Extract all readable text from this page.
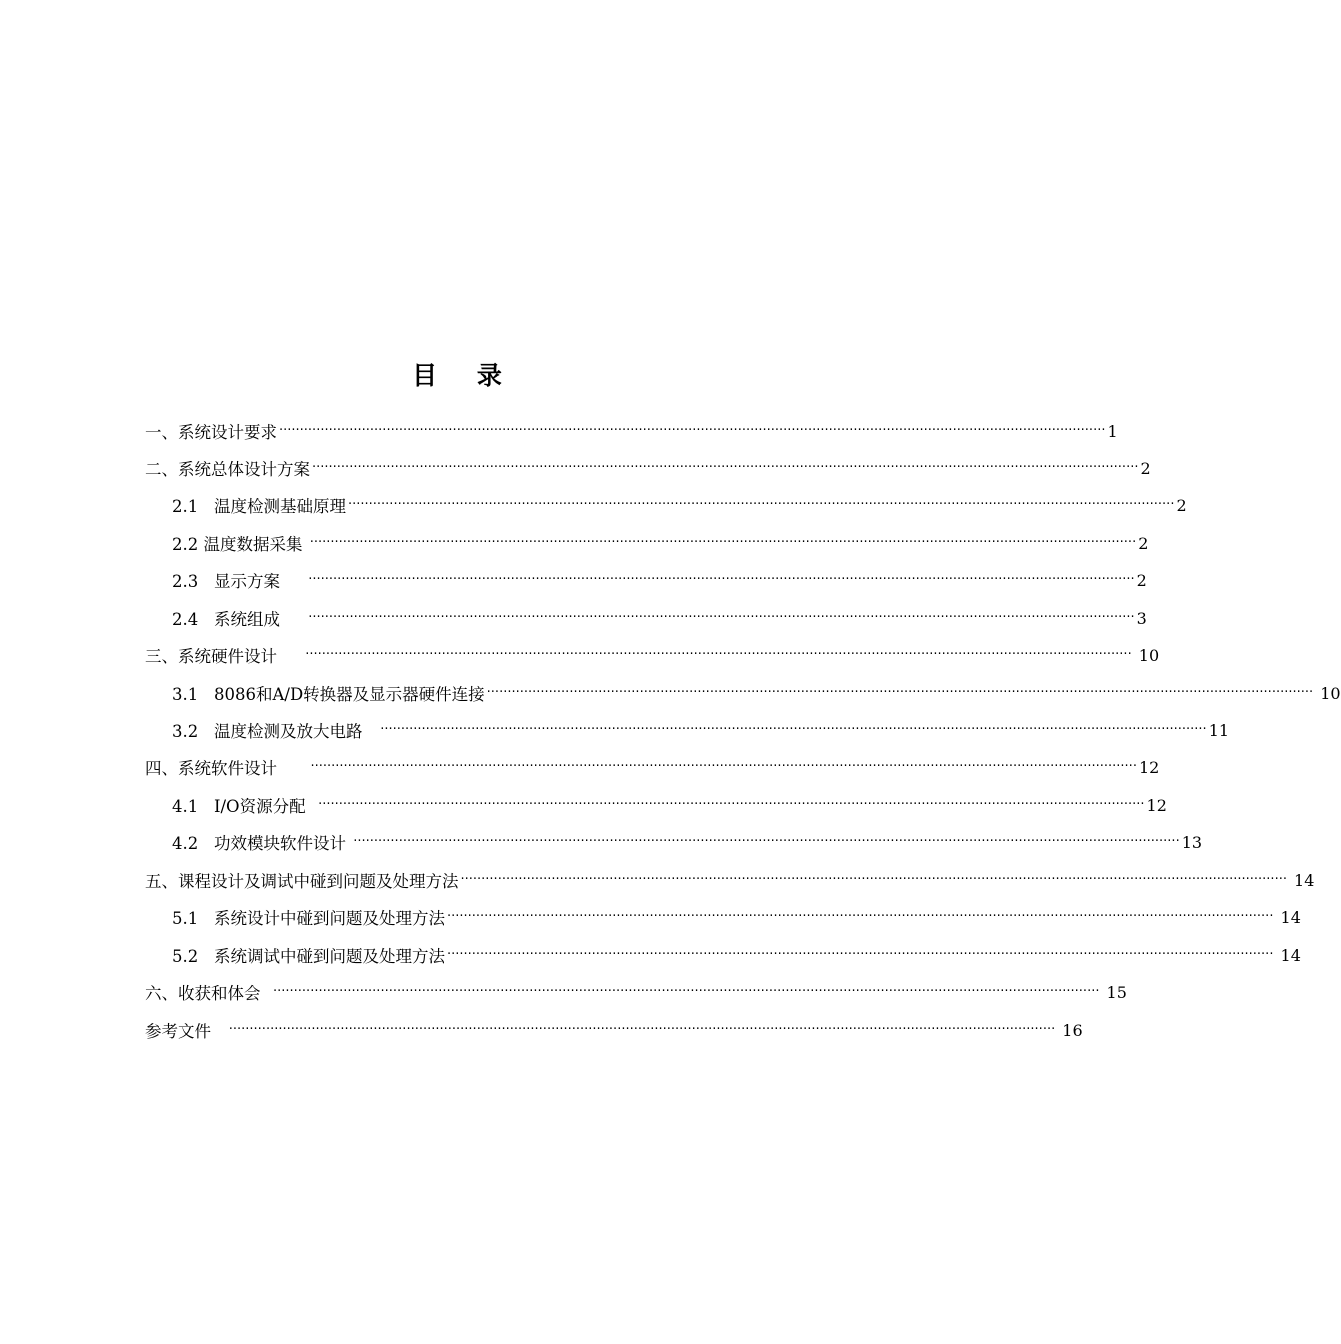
目    录
一、系统设计要求 ········································································································································································································ 1
二、系统总体设计方案 ········································································································································································································ 2
2.1   温度检测基础原理 ········································································································································································································ 2
2.2 温度数据采集 ········································································································································································································ 2
2.3   显示方案 ········································································································································································································ 2
2.4   系统组成 ········································································································································································································ 3
三、系统硬件设计 ········································································································································································································ 10
3.1   8086和A/D转换器及显示器硬件连接 ········································································································································································································ 10
3.2   温度检测及放大电路 ········································································································································································································ 11
四、系统软件设计 ········································································································································································································ 12
4.1   I/O资源分配 ········································································································································································································ 12
4.2   功效模块软件设计 ········································································································································································································ 13
五、课程设计及调试中碰到问题及处理方法 ········································································································································································································ 14
5.1   系统设计中碰到问题及处理方法 ········································································································································································································ 14
5.2   系统调试中碰到问题及处理方法 ········································································································································································································ 14
六、收获和体会 ········································································································································································································ 15
参考文件 ········································································································································································································ 16
